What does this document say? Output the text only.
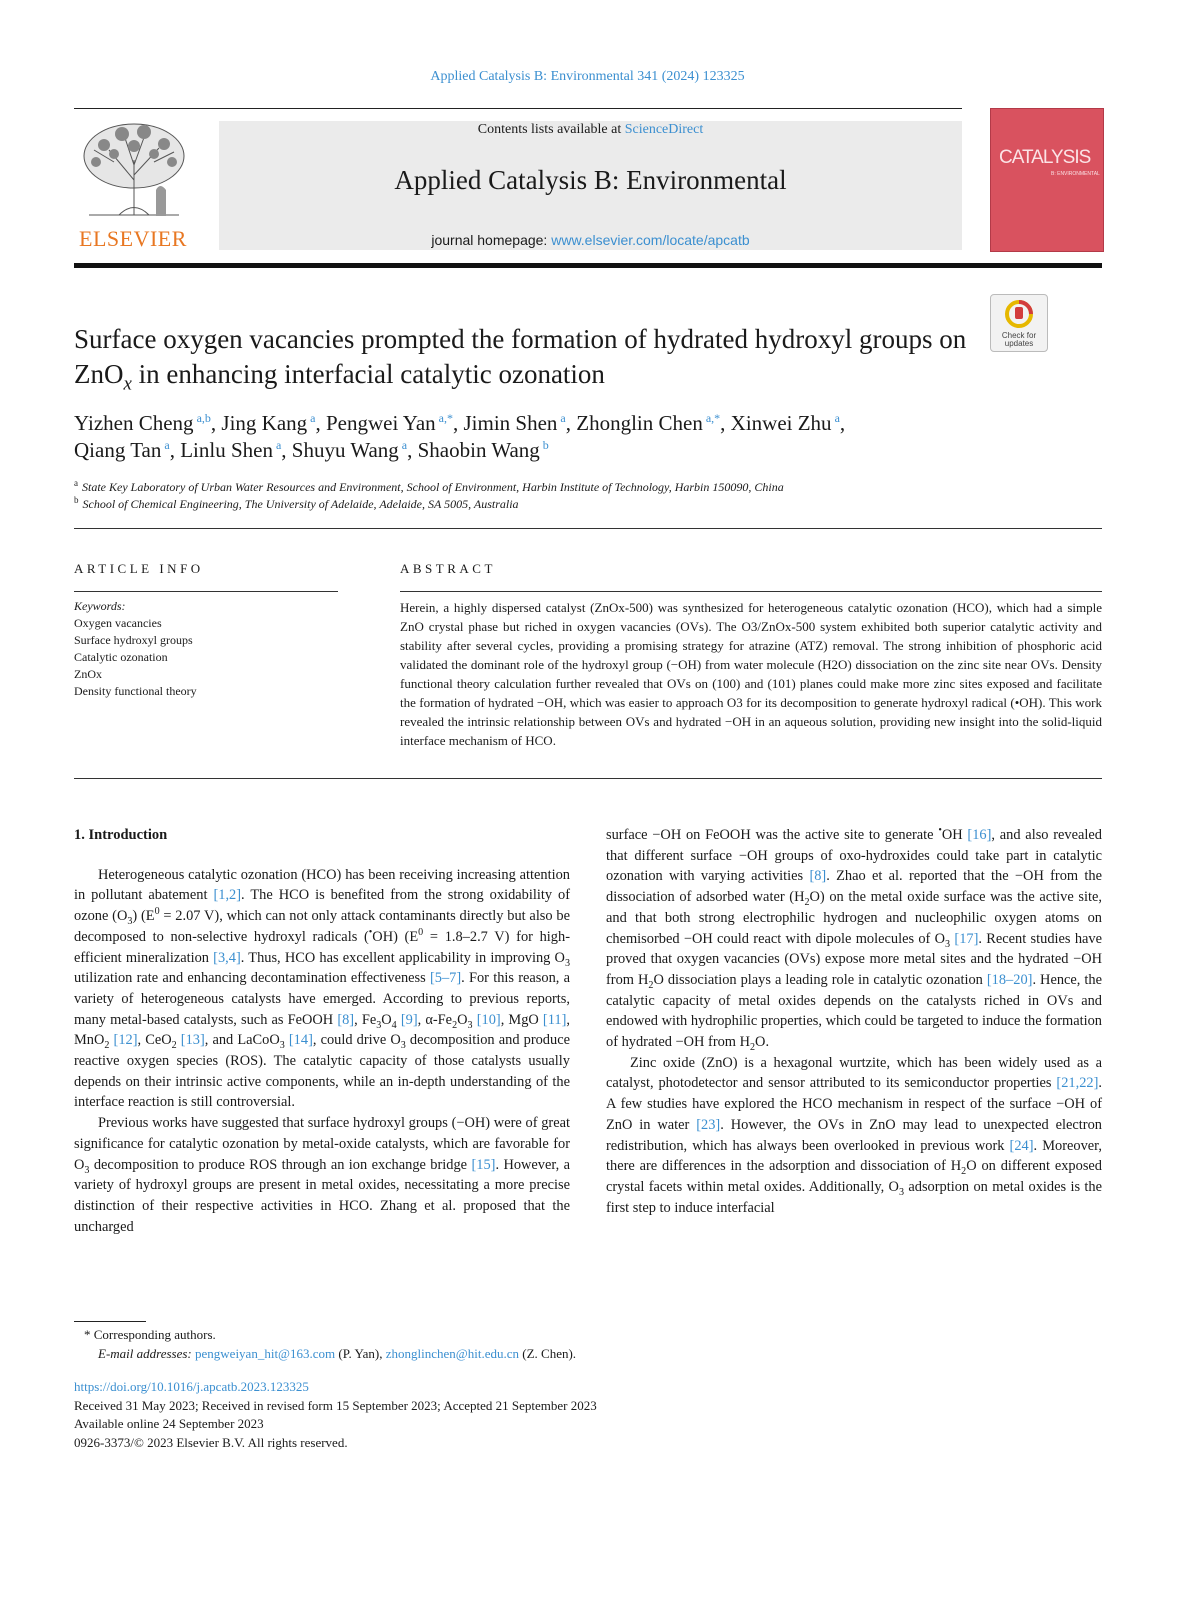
Applied Catalysis B: Environmental 341 (2024) 123325
ELSEVIER
Contents lists available at ScienceDirect
Applied Catalysis B: Environmental
journal homepage: www.elsevier.com/locate/apcatb
CATALYSIS
B: ENVIRONMENTAL
Check for
updates
Surface oxygen vacancies prompted the formation of hydrated hydroxyl groups on ZnO$_x$ in enhancing interfacial catalytic ozonation
Yizhen Cheng $^{a,b}$, Jing Kang $^a$, Pengwei Yan $^{a,*}$, Jimin Shen $^a$, Zhonglin Chen $^{a,*}$, Xinwei Zhu $^a$,
Qiang Tan $^a$, Linlu Shen $^a$, Shuyu Wang $^a$, Shaobin Wang $^b$
$^a$ State Key Laboratory of Urban Water Resources and Environment, School of Environment, Harbin Institute of Technology, Harbin 150090, China
$^b$ School of Chemical Engineering, The University of Adelaide, Adelaide, SA 5005, Australia
ARTICLE INFO	ABSTRACT
Keywords:
Oxygen vacancies
Surface hydroxyl groups
Catalytic ozonation
ZnOx
Density functional theory
Herein, a highly dispersed catalyst (ZnOx-500) was synthesized for heterogeneous catalytic ozonation (HCO), which had a simple ZnO crystal phase but riched in oxygen vacancies (OVs). The O3/ZnOx-500 system exhibited both superior catalytic activity and stability after several cycles, providing a promising strategy for atrazine (ATZ) removal. The strong inhibition of phosphoric acid validated the dominant role of the hydroxyl group (−OH) from water molecule (H2O) dissociation on the zinc site near OVs. Density functional theory calculation further revealed that OVs on (100) and (101) planes could make more zinc sites exposed and facilitate the formation of hydrated −OH, which was easier to approach O3 for its decomposition to generate hydroxyl radical (•OH). This work revealed the intrinsic relationship between OVs and hydrated −OH in an aqueous solution, providing new insight into the solid-liquid interface mechanism of HCO.

1. Introduction

Heterogeneous catalytic ozonation (HCO) has been receiving increasing attention in pollutant abatement [1,2]. The HCO is benefited from the strong oxidability of ozone $(O_3) (E^0 = 2.07$ V), which can not only attack contaminants directly but also be decomposed to non-selective hydroxyl radicals (•OH) ($E^0 = 1.8-2.7$ V) for high-efficient mineralization [3,4]. Thus, HCO has excellent applicability in improving $O_3$ utilization rate and enhancing decontamination effectiveness [5–7]. For this reason, a variety of heterogeneous catalysts have emerged. According to previous reports, many metal-based catalysts, such as FeOOH [8], $Fe_3O_4$ [9], $\alpha-Fe_2O_3$ [10], MgO [11], MnO$_2$ [12], CeO$_2$ [13], and LaCoO$_3$ [14], could drive $O_3$ decomposition and produce reactive oxygen species (ROS). The catalytic capacity of those catalysts usually depends on their intrinsic active components, while an in-depth understanding of the interface reaction is still controversial.

Previous works have suggested that surface hydroxyl groups (−OH) were of great significance for catalytic ozonation by metal-oxide catalysts, which are favorable for $O_3$ decomposition to produce ROS through an ion exchange bridge [15]. However, a variety of hydroxyl groups are present in metal oxides, necessitating a more precise distinction of their respective activities in HCO. Zhang et al. proposed that the uncharged

surface −OH on FeOOH was the active site to generate •OH [16], and also revealed that different surface −OH groups of oxo-hydroxides could take part in catalytic ozonation with varying activities [8]. Zhao et al. reported that the −OH from the dissociation of adsorbed water $(H_2O)$ on the metal oxide surface was the active site, and that both strong electrophilic hydrogen and nucleophilic oxygen atoms on chemisorbed −OH could react with dipole molecules of $O_3$ [17]. Recent studies have proved that oxygen vacancies (OVs) expose more metal sites and the hydrated −OH from $H_2O$ dissociation plays a leading role in catalytic ozonation [18–20]. Hence, the catalytic capacity of metal oxides depends on the catalysts riched in OVs and endowed with hydrophilic properties, which could be targeted to induce the formation of hydrated −OH from $H_2O$.

Zinc oxide (ZnO) is a hexagonal wurtzite, which has been widely used as a catalyst, photodetector and sensor attributed to its semiconductor properties [21,22]. A few studies have explored the HCO mechanism in respect of the surface −OH of ZnO in water [23]. However, the OVs in ZnO may lead to unexpected electron redistribution, which has always been overlooked in previous work [24]. Moreover, there are differences in the adsorption and dissociation of $H_2O$ on different exposed crystal facets within metal oxides. Additionally, $O_3$ adsorption on metal oxides is the first step to induce interfacial

* Corresponding authors.
E-mail addresses: pengweiyan_hit@163.com (P. Yan), zhonglinchen@hit.edu.cn (Z. Chen).
https://doi.org/10.1016/j.apcatb.2023.123325
Received 31 May 2023; Received in revised form 15 September 2023; Accepted 21 September 2023
Available online 24 September 2023
0926-3373/© 2023 Elsevier B.V. All rights reserved.
